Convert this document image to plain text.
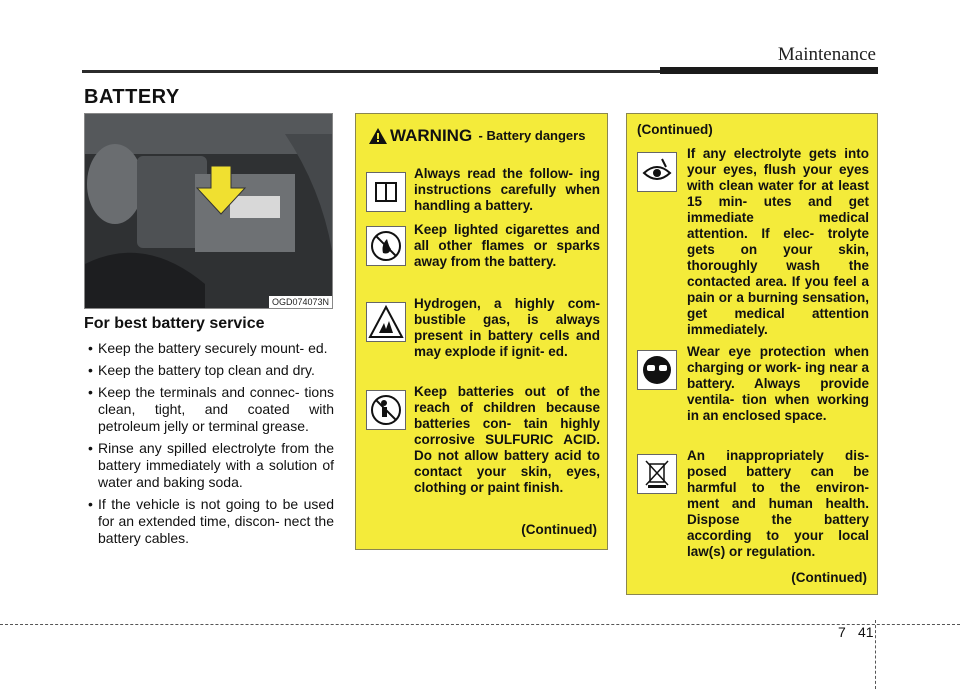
Maintenance
BATTERY
OGD074073N
For best battery service
• Keep the battery securely mount- ed.
• Keep the battery top clean and dry.
• Keep the terminals and connec- tions clean, tight, and coated with petroleum jelly or terminal grease.
• Rinse any spilled electrolyte from the battery immediately with a solution of water and baking soda.
• If the vehicle is not going to be used for an extended time, discon- nect the battery cables.
WARNING - Battery dangers
Always read the follow- ing instructions carefully when handling a battery.
Keep lighted cigarettes and all other flames or sparks away from the battery.
Hydrogen, a highly com- bustible gas, is always present in battery cells and may explode if ignit- ed.
Keep batteries out of the reach of children because batteries con- tain highly corrosive SULFURIC ACID. Do not allow battery acid to contact your skin, eyes, clothing or paint finish.
(Continued)
(Continued)
If any electrolyte gets into your eyes, flush your eyes with clean water for at least 15 min- utes and get immediate medical attention. If elec- trolyte gets on your skin, thoroughly wash the contacted area. If you feel a pain or a burning sensation, get medical attention immediately.
Wear eye protection when charging or work- ing near a battery. Always provide ventila- tion when working in an enclosed space.
An inappropriately dis- posed battery can be harmful to the environ- ment and human health. Dispose the battery according to your local law(s) or regulation.
(Continued)
7 41
